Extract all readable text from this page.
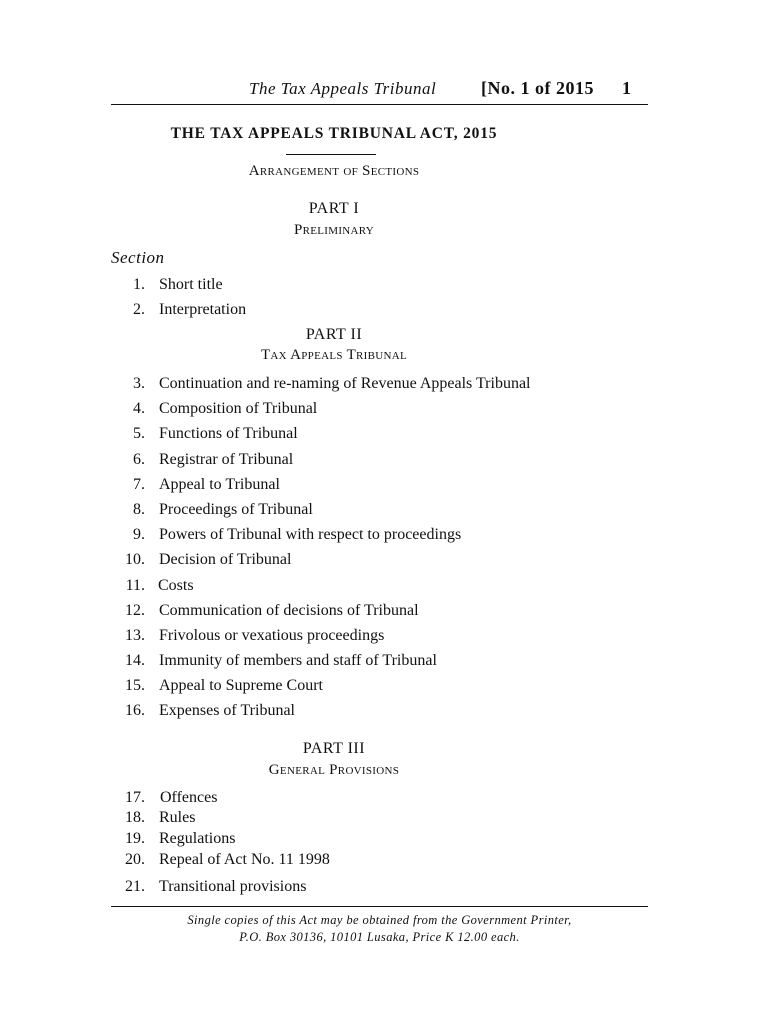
The Tax Appeals Tribunal [No. 1 of 2015 1
THE TAX APPEALS TRIBUNAL ACT, 2015
Arrangement of Sections
PART I
Preliminary
Section
1. Short title
2. Interpretation
PART II
Tax Appeals Tribunal
3. Continuation and re-naming of Revenue Appeals Tribunal
4. Composition of Tribunal
5. Functions of Tribunal
6. Registrar of Tribunal
7. Appeal to Tribunal
8. Proceedings of Tribunal
9. Powers of Tribunal with respect to proceedings
10. Decision of Tribunal
11. Costs
12. Communication of decisions of Tribunal
13. Frivolous or vexatious proceedings
14. Immunity of members and staff of Tribunal
15. Appeal to Supreme Court
16. Expenses of Tribunal
PART III
General Provisions
17. Offences
18. Rules
19. Regulations
20. Repeal of Act No. 11 1998
21. Transitional provisions
Single copies of this Act may be obtained from the Government Printer,
P.O. Box 30136, 10101 Lusaka, Price K 12.00 each.
